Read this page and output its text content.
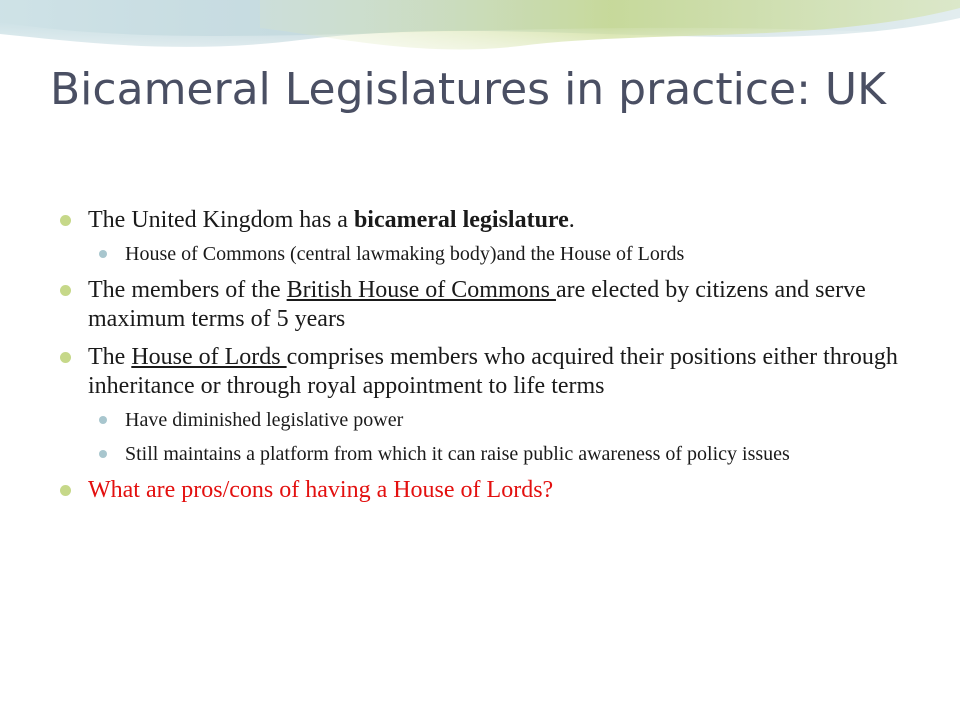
Bicameral Legislatures in practice: UK
The United Kingdom has a bicameral legislature.
House of Commons (central lawmaking body)and the House of Lords
The members of the British House of Commons are elected by citizens and serve maximum terms of 5 years
The House of Lords comprises members who acquired their positions either through inheritance or through royal appointment to life terms
Have diminished legislative power
Still maintains a platform from which it can raise public awareness of policy issues
What are pros/cons of having a House of Lords?
